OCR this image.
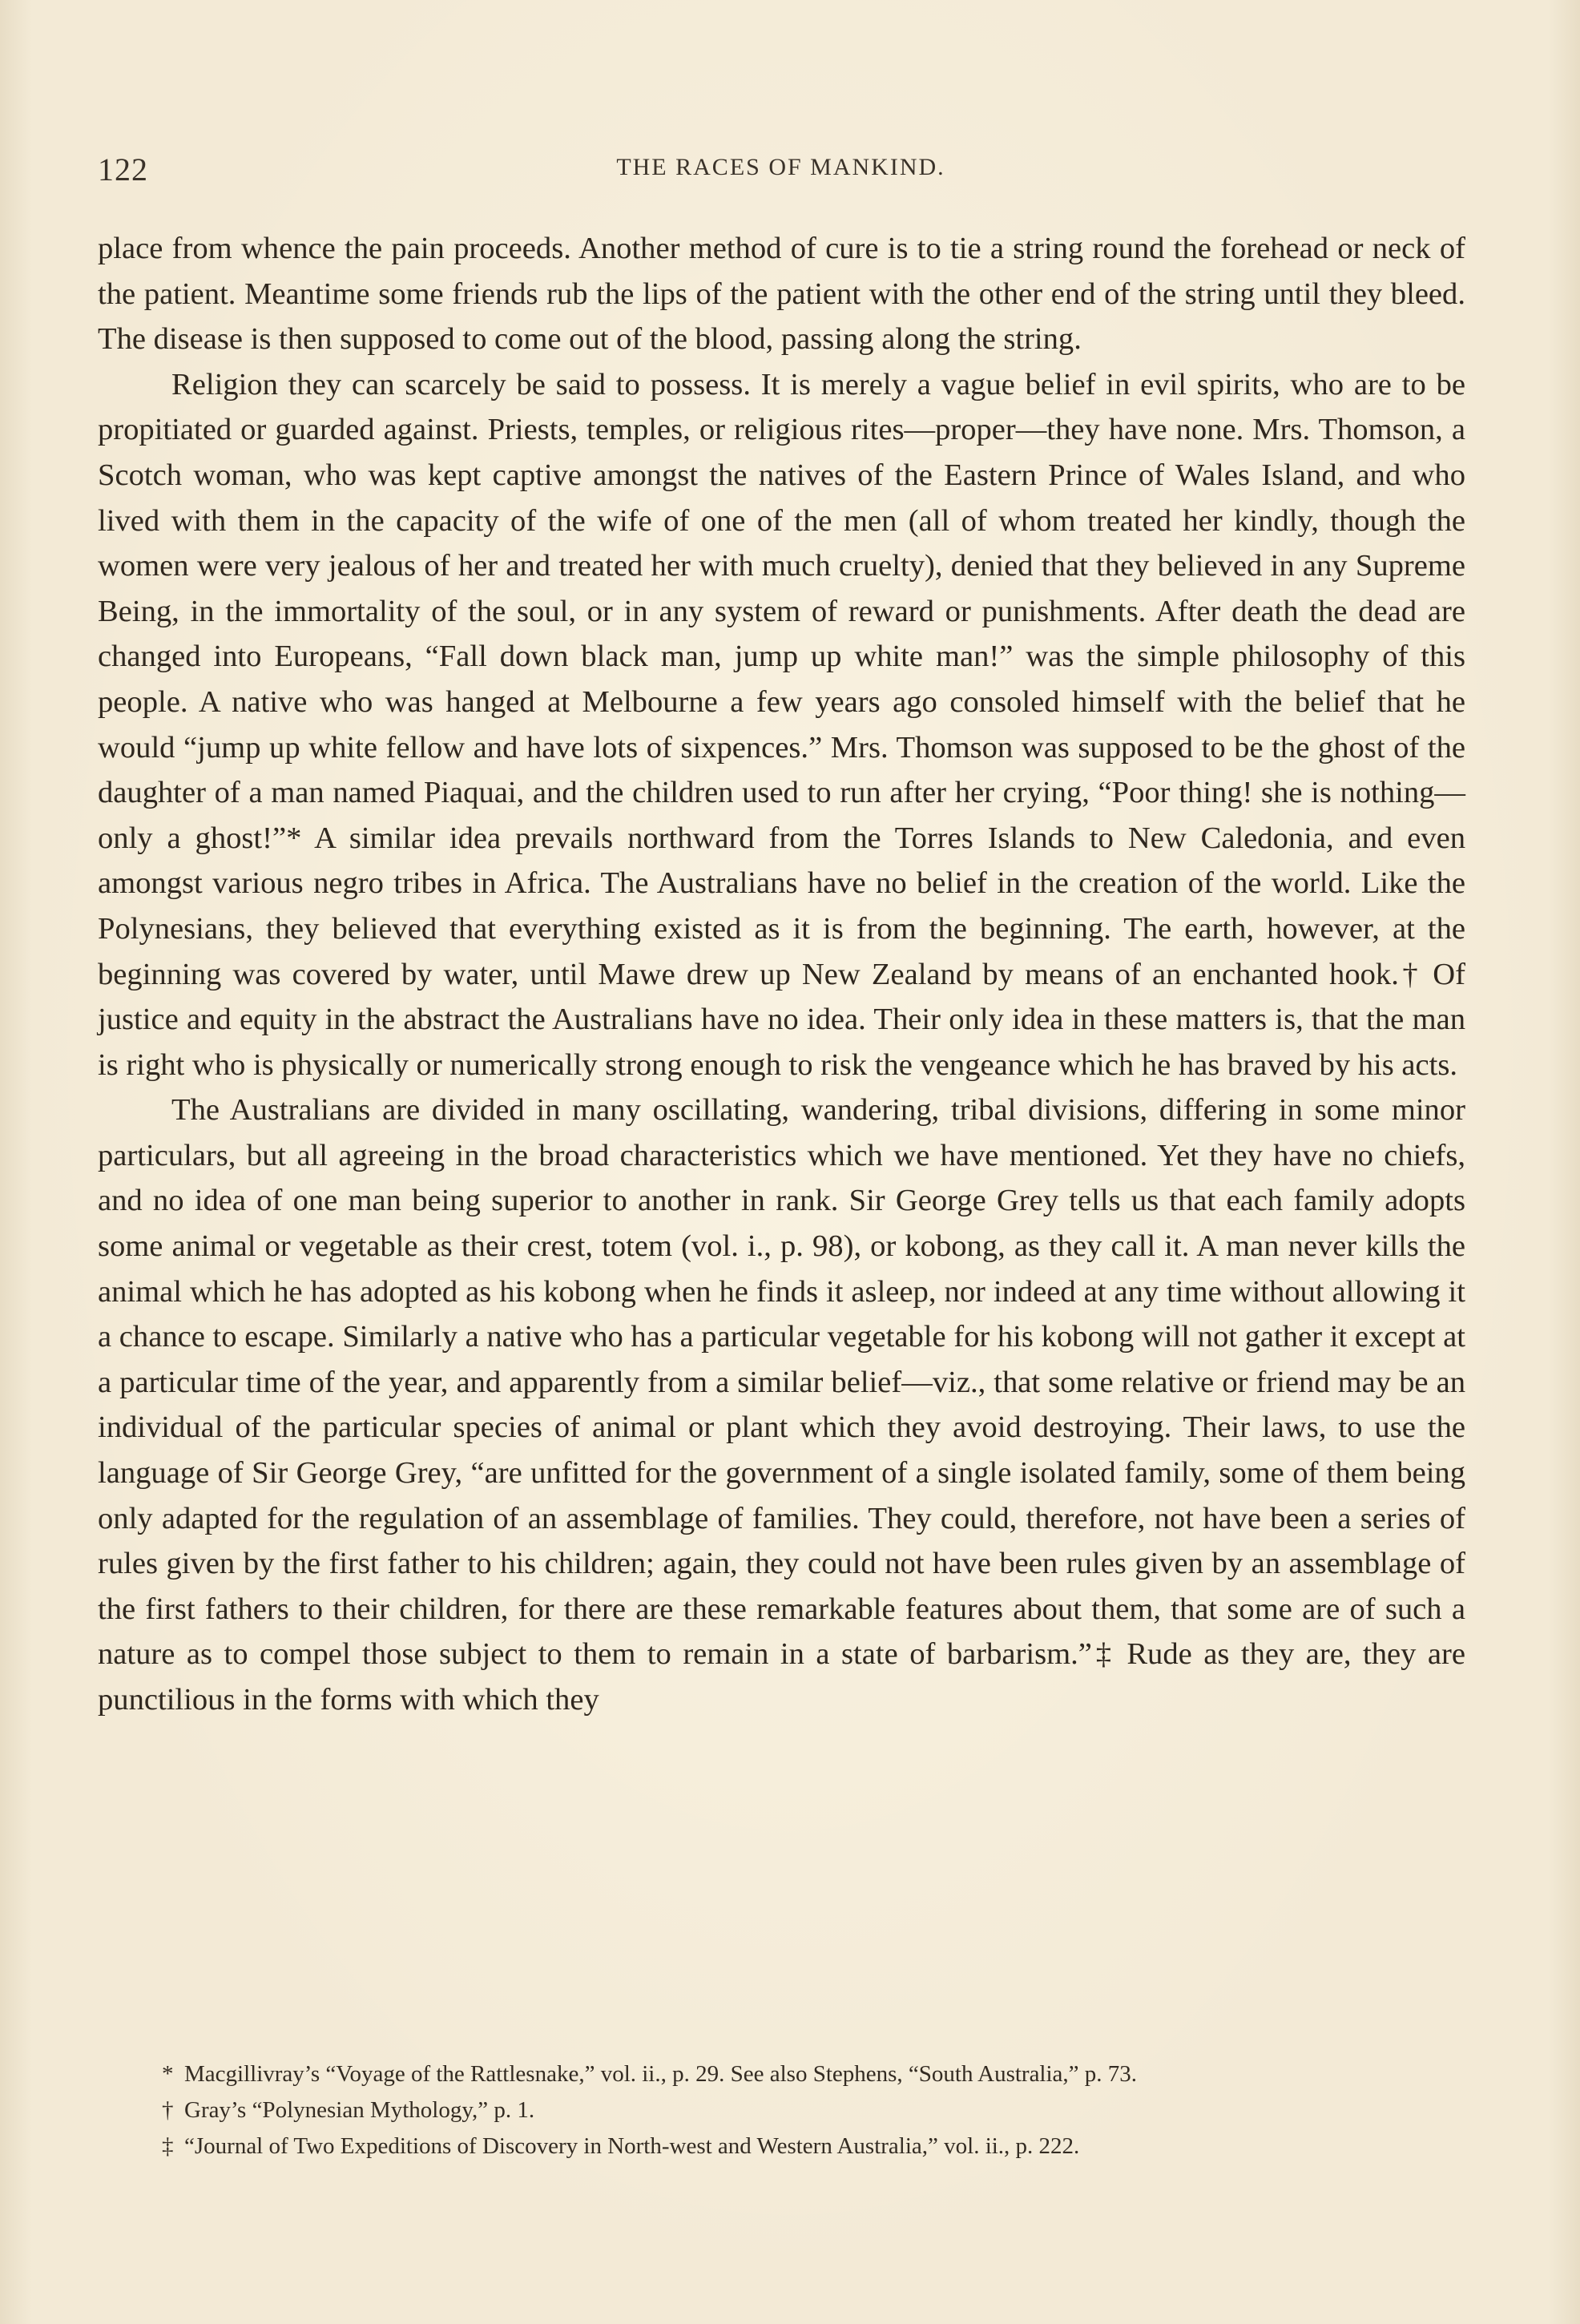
122	THE RACES OF MANKIND.

place from whence the pain proceeds. Another method of cure is to tie a string round the forehead or neck of the patient. Meantime some friends rub the lips of the patient with the other end of the string until they bleed. The disease is then supposed to come out of the blood, passing along the string.

Religion they can scarcely be said to possess. It is merely a vague belief in evil spirits, who are to be propitiated or guarded against. Priests, temples, or religious rites—proper—they have none. Mrs. Thomson, a Scotch woman, who was kept captive amongst the natives of the Eastern Prince of Wales Island, and who lived with them in the capacity of the wife of one of the men (all of whom treated her kindly, though the women were very jealous of her and treated her with much cruelty), denied that they believed in any Supreme Being, in the immortality of the soul, or in any system of reward or punishments. After death the dead are changed into Europeans, “Fall down black man, jump up white man!” was the simple philosophy of this people. A native who was hanged at Melbourne a few years ago consoled himself with the belief that he would “jump up white fellow and have lots of sixpences.” Mrs. Thomson was supposed to be the ghost of the daughter of a man named Piaquai, and the children used to run after her crying, “Poor thing! she is nothing—only a ghost!”* A similar idea prevails northward from the Torres Islands to New Caledonia, and even amongst various negro tribes in Africa. The Australians have no belief in the creation of the world. Like the Polynesians, they believed that everything existed as it is from the beginning. The earth, however, at the beginning was covered by water, until Mawe drew up New Zealand by means of an enchanted hook.† Of justice and equity in the abstract the Australians have no idea. Their only idea in these matters is, that the man is right who is physically or numerically strong enough to risk the vengeance which he has braved by his acts.

The Australians are divided in many oscillating, wandering, tribal divisions, differing in some minor particulars, but all agreeing in the broad characteristics which we have mentioned. Yet they have no chiefs, and no idea of one man being superior to another in rank. Sir George Grey tells us that each family adopts some animal or vegetable as their crest, totem (vol. i., p. 98), or kobong, as they call it. A man never kills the animal which he has adopted as his kobong when he finds it asleep, nor indeed at any time without allowing it a chance to escape. Similarly a native who has a particular vegetable for his kobong will not gather it except at a particular time of the year, and apparently from a similar belief—viz., that some relative or friend may be an individual of the particular species of animal or plant which they avoid destroying. Their laws, to use the language of Sir George Grey, “are unfitted for the government of a single isolated family, some of them being only adapted for the regulation of an assemblage of families. They could, therefore, not have been a series of rules given by the first father to his children; again, they could not have been rules given by an assemblage of the first fathers to their children, for there are these remarkable features about them, that some are of such a nature as to compel those subject to them to remain in a state of barbarism.”‡ Rude as they are, they are punctilious in the forms with which they

* Macgillivray’s “Voyage of the Rattlesnake,” vol. ii., p. 29. See also Stephens, “South Australia,” p. 73.
† Gray’s “Polynesian Mythology,” p. 1.
‡ “Journal of Two Expeditions of Discovery in North-west and Western Australia,” vol. ii., p. 222.
